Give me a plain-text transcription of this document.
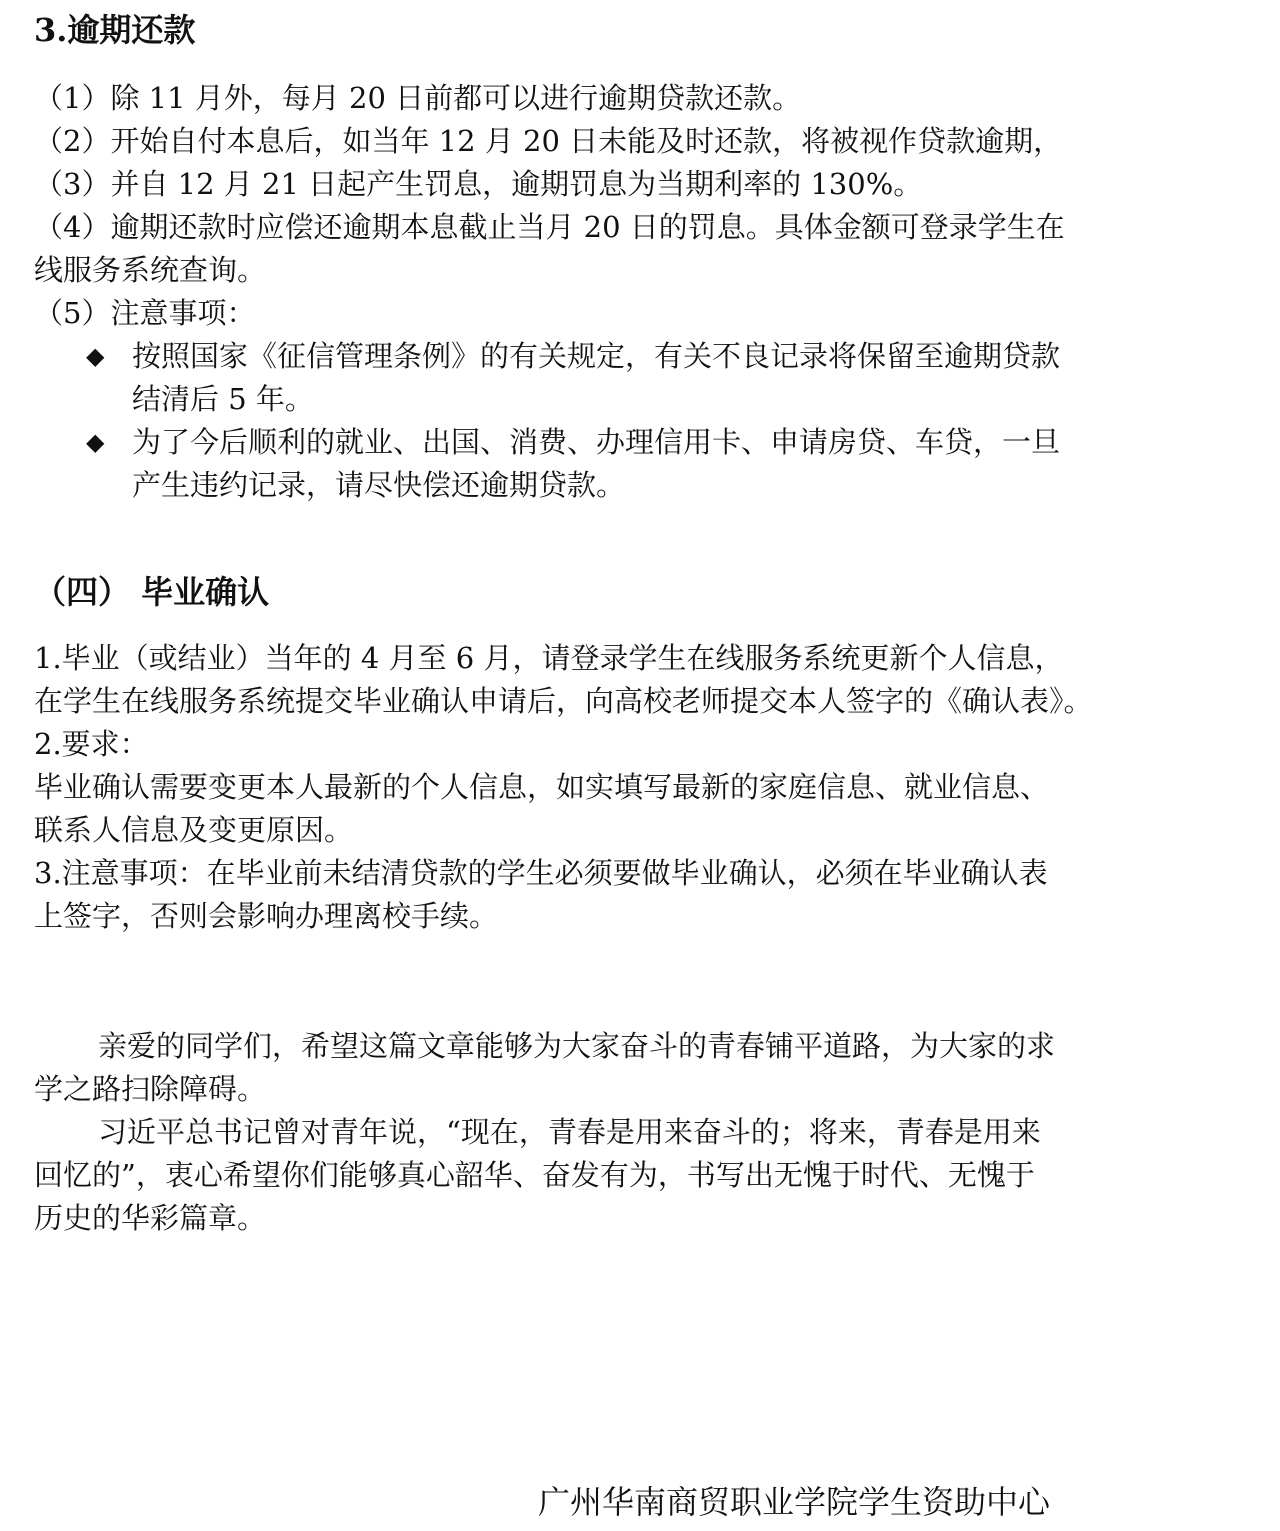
3.逾期还款

（1）除 11 月外，每月 20 日前都可以进行逾期贷款还款。

（2）开始自付本息后，如当年 12 月 20 日未能及时还款，将被视作贷款逾期，

（3）并自 12 月 21 日起产生罚息，逾期罚息为当期利率的 130%。

（4）逾期还款时应偿还逾期本息截止当月 20 日的罚息。具体金额可登录学生在

线服务系统查询。

（5）注意事项：

◆ 按照国家《征信管理条例》的有关规定，有关不良记录将保留至逾期贷款

结清后 5 年。

◆ 为了今后顺利的就业、出国、消费、办理信用卡、申请房贷、车贷，一旦

产生违约记录，请尽快偿还逾期贷款。

（四） 毕业确认

1.毕业（或结业）当年的 4 月至 6 月，请登录学生在线服务系统更新个人信息，

在学生在线服务系统提交毕业确认申请后，向高校老师提交本人签字的《确认表》。

2.要求：

毕业确认需要变更本人最新的个人信息，如实填写最新的家庭信息、就业信息、

联系人信息及变更原因。

3.注意事项：在毕业前未结清贷款的学生必须要做毕业确认，必须在毕业确认表

上签字，否则会影响办理离校手续。

亲爱的同学们，希望这篇文章能够为大家奋斗的青春铺平道路，为大家的求

学之路扫除障碍。

习近平总书记曾对青年说，“现在，青春是用来奋斗的；将来，青春是用来

回忆的”，衷心希望你们能够真心韶华、奋发有为，书写出无愧于时代、无愧于

历史的华彩篇章。

广州华南商贸职业学院学生资助中心
